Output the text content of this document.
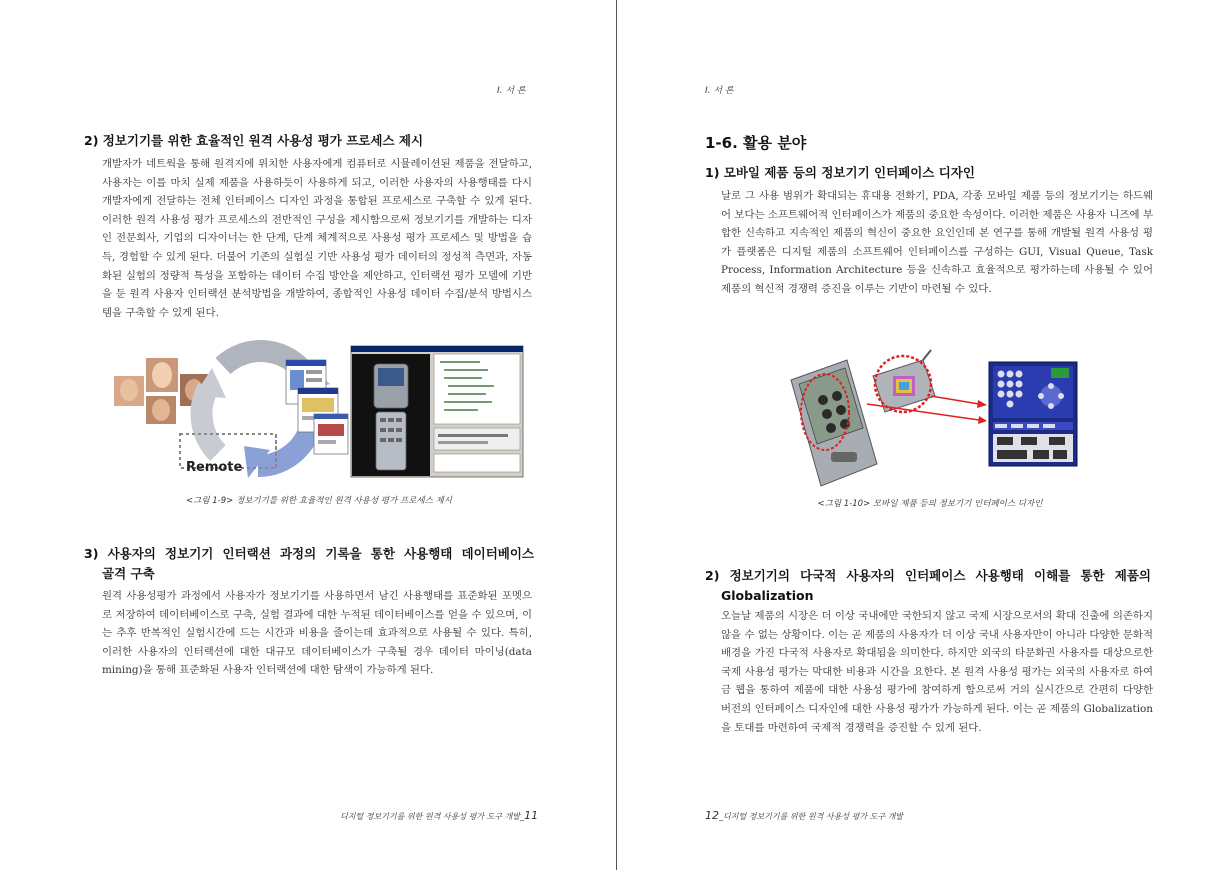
I. 서 론
2) 정보기기를 위한 효율적인 원격 사용성 평가 프로세스 제시
개발자가 네트웍을 통해 원격지에 위치한 사용자에게 컴퓨터로 시뮬레이션된 제품을 전달하고, 사용자는 이를 마치 실제 제품을 사용하듯이 사용하게 되고, 이러한 사용자의 사용행태를 다시 개발자에게 전달하는 전체 인터페이스 디자인 과정을 통합된 프로세스로 구축할 수 있게 된다. 이러한 원격 사용성 평가 프로세스의 전반적인 구성을 제시함으로써 정보기기를 개발하는 디자인 전문회사, 기업의 디자이너는 한 단계, 단계 체계적으로 사용성 평가 프로세스 및 방법을 습득, 경험할 수 있게 된다. 더불어 기존의 실험실 기반 사용성 평가 데이터의 정성적 측면과, 자동화된 실험의 정량적 특성을 포함하는 데이터 수집 방안을 제안하고, 인터랙션 평가 모델에 기반을 둔 원격 사용자 인터랙션 분석방법을 개발하여, 종합적인 사용성 데이터 수집/분석 방법시스템을 구축할 수 있게 된다.
Remote
<그림 1-9> 정보기기를 위한 효율적인 원격 사용성 평가 프로세스 제시
3) 사용자의 정보기기 인터랙션 과정의 기록을 통한 사용행태 데이터베이스
골격 구축
원격 사용성평가 과정에서 사용자가 정보기기를 사용하면서 남긴 사용행태를 표준화된 포멧으로 저장하여 데이터베이스로 구축, 실험 결과에 대한 누적된 데이터베이스를 얻을 수 있으며, 이는 추후 반복적인 실험시간에 드는 시간과 비용을 줄이는데 효과적으로 사용될 수 있다. 특히, 이러한 사용자의 인터랙션에 대한 대규모 데이터베이스가 구축될 경우 데이터 마이닝(data mining)을 통해 표준화된 사용자 인터랙션에 대한 탐색이 가능하게 된다.
디지털 정보기기를 위한 원격 사용성 평가 도구 개발_11
I. 서 론
1-6. 활용 분야
1) 모바일 제품 등의 정보기기 인터페이스 디자인
날로 그 사용 범위가 확대되는 휴대용 전화기, PDA, 각종 모바일 제품 등의 정보기기는 하드웨어 보다는 소프트웨어적 인터페이스가 제품의 중요한 속성이다. 이러한 제품은 사용자 니즈에 부합한 신속하고 지속적인 제품의 혁신이 중요한 요인인데 본 연구를 통해 개발될 원격 사용성 평가 플랫폼은 디지털 제품의 소프트웨어 인터페이스를 구성하는 GUI, Visual Queue, Task Process, Information Architecture 등을 신속하고 효율적으로 평가하는데 사용될 수 있어 제품의 혁신적 경쟁력 증진을 이루는 기반이 마련될 수 있다.
<그림 1-10> 모바일 제품 등의 정보기기 인터페이스 디자인
2) 정보기기의 다국적 사용자의 인터페이스 사용행태 이해를 통한 제품의
Globalization
오늘날 제품의 시장은 더 이상 국내에만 국한되지 않고 국제 시장으로서의 확대 진출에 의존하지 않을 수 없는 상황이다. 이는 곧 제품의 사용자가 더 이상 국내 사용자만이 아니라 다양한 문화적 배경을 가진 다국적 사용자로 확대됨을 의미한다. 하지만 외국의 타문화권 사용자를 대상으로한 국제 사용성 평가는 막대한 비용과 시간을 요한다. 본 원격 사용성 평가는 외국의 사용자로 하여금 웹을 통하여 제품에 대한 사용성 평가에 참여하게 함으로써 거의 실시간으로 간편히 다양한 버전의 인터페이스 디자인에 대한 사용성 평가가 가능하게 된다. 이는 곧 제품의 Globalization을 토대를 마련하여 국제적 경쟁력을 증진할 수 있게 된다.
12_디지털 정보기기를 위한 원격 사용성 평가 도구 개발
